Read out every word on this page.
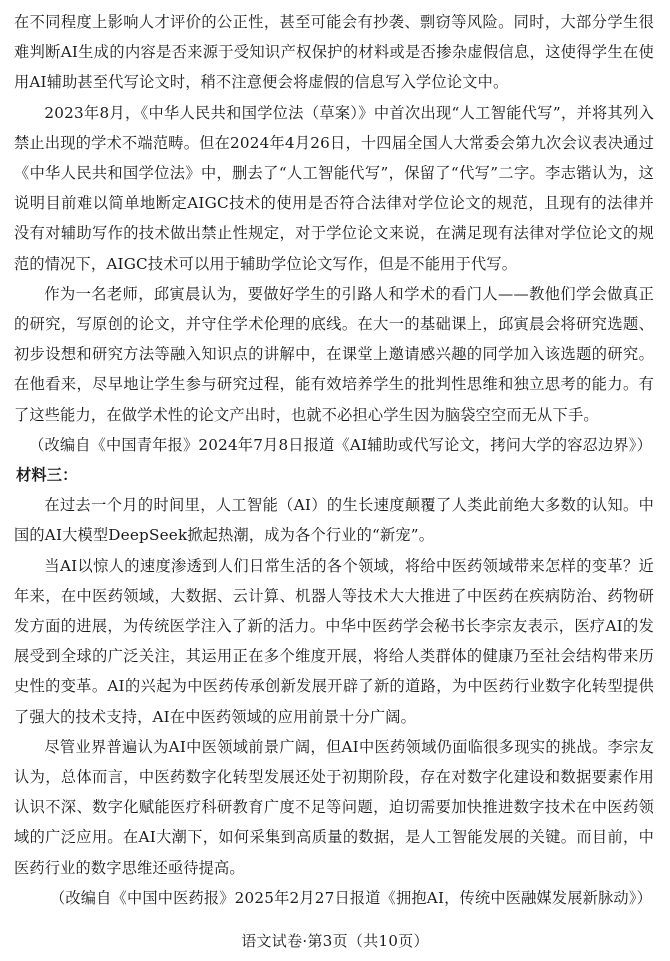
在不同程度上影响人才评价的公正性，甚至可能会有抄袭、剽窃等风险。同时，大部分学生很难判断AI生成的内容是否来源于受知识产权保护的材料或是否掺杂虚假信息，这使得学生在使用AI辅助甚至代写论文时，稍不注意便会将虚假的信息写入学位论文中。

2023年8月，《中华人民共和国学位法（草案）》中首次出现“人工智能代写”，并将其列入禁止出现的学术不端范畴。但在2024年4月26日，十四届全国人大常委会第九次会议表决通过《中华人民共和国学位法》中，删去了“人工智能代写”，保留了“代写”二字。李志锴认为，这说明目前难以简单地断定AIGC技术的使用是否符合法律对学位论文的规范，且现有的法律并没有对辅助写作的技术做出禁止性规定，对于学位论文来说，在满足现有法律对学位论文的规范的情况下，AIGC技术可以用于辅助学位论文写作，但是不能用于代写。

作为一名老师，邱寅晨认为，要做好学生的引路人和学术的看门人——教他们学会做真正的研究，写原创的论文，并守住学术伦理的底线。在大一的基础课上，邱寅晨会将研究选题、初步设想和研究方法等融入知识点的讲解中，在课堂上邀请感兴趣的同学加入该选题的研究。在他看来，尽早地让学生参与研究过程，能有效培养学生的批判性思维和独立思考的能力。有了这些能力，在做学术性的论文产出时，也就不必担心学生因为脑袋空空而无从下手。

（改编自《中国青年报》2024年7月8日报道《AI辅助或代写论文，拷问大学的容忍边界》）

材料三：

在过去一个月的时间里，人工智能（AI）的生长速度颠覆了人类此前绝大多数的认知。中国的AI大模型DeepSeek掀起热潮，成为各个行业的“新宠”。

当AI以惊人的速度渗透到人们日常生活的各个领域，将给中医药领域带来怎样的变革？近年来，在中医药领域，大数据、云计算、机器人等技术大大推进了中医药在疾病防治、药物研发方面的进展，为传统医学注入了新的活力。中华中医药学会秘书长李宗友表示，医疗AI的发展受到全球的广泛关注，其运用正在多个维度开展，将给人类群体的健康乃至社会结构带来历史性的变革。AI的兴起为中医药传承创新发展开辟了新的道路，为中医药行业数字化转型提供了强大的技术支持，AI在中医药领域的应用前景十分广阔。

尽管业界普遍认为AI中医领域前景广阔，但AI中医药领域仍面临很多现实的挑战。李宗友认为，总体而言，中医药数字化转型发展还处于初期阶段，存在对数字化建设和数据要素作用认识不深、数字化赋能医疗科研教育广度不足等问题，迫切需要加快推进数字技术在中医药领域的广泛应用。在AI大潮下，如何采集到高质量的数据，是人工智能发展的关键。而目前，中医药行业的数字思维还亟待提高。

（改编自《中国中医药报》2025年2月27日报道《拥抱AI，传统中医融媒发展新脉动》）

语文试卷·第3页（共10页）
